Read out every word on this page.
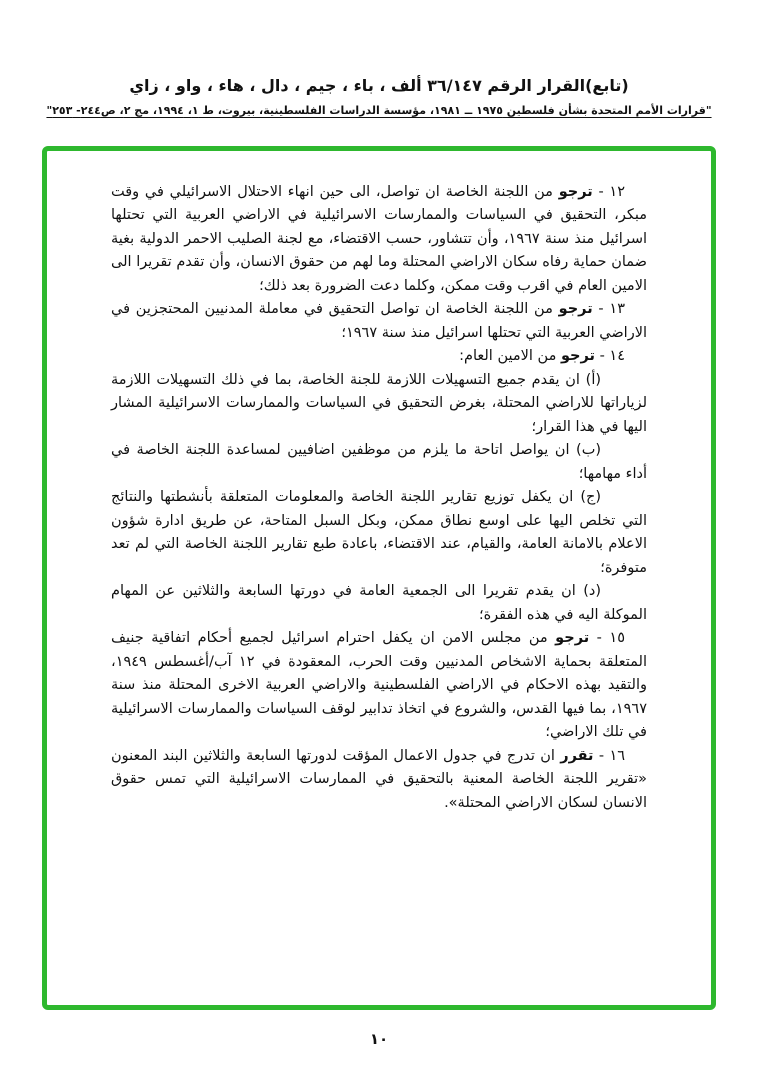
(تابع)القرار الرقم ٣٦/١٤٧ ألف ، باء ، جيم ، دال ، هاء ، واو ، زاي
"قرارات الأمم المتحدة بشأن فلسطين ١٩٧٥ ــ ١٩٨١، مؤسسة الدراسات الفلسطينية، بيروت، ط ١، ١٩٩٤، مج ٢، ص٢٤٤- ٢٥٣"

١٢ - ترجو من اللجنة الخاصة ان تواصل، الى حين انهاء الاحتلال الاسرائيلي في وقت مبكر، التحقيق في السياسات والممارسات الاسرائيلية في الاراضي العربية التي تحتلها اسرائيل منذ سنة ١٩٦٧، وأن تتشاور، حسب الاقتضاء، مع لجنة الصليب الاحمر الدولية بغية ضمان حماية رفاه سكان الاراضي المحتلة وما لهم من حقوق الانسان، وأن تقدم تقريرا الى الامين العام في اقرب وقت ممكن، وكلما دعت الضرورة بعد ذلك؛

١٣ - ترجو من اللجنة الخاصة ان تواصل التحقيق في معاملة المدنيين المحتجزين في الاراضي العربية التي تحتلها اسرائيل منذ سنة ١٩٦٧؛

١٤ - ترجو من الامين العام:

(أ) ان يقدم جميع التسهيلات اللازمة للجنة الخاصة، بما في ذلك التسهيلات اللازمة لزياراتها للاراضي المحتلة، بغرض التحقيق في السياسات والممارسات الاسرائيلية المشار اليها في هذا القرار؛

(ب) ان يواصل اتاحة ما يلزم من موظفين اضافيين لمساعدة اللجنة الخاصة في أداء مهامها؛

(ج) ان يكفل توزيع تقارير اللجنة الخاصة والمعلومات المتعلقة بأنشطتها والنتائج التي تخلص اليها على اوسع نطاق ممكن، وبكل السبل المتاحة، عن طريق ادارة شؤون الاعلام بالامانة العامة، والقيام، عند الاقتضاء، باعادة طبع تقارير اللجنة الخاصة التي لم تعد متوفرة؛

(د) ان يقدم تقريرا الى الجمعية العامة في دورتها السابعة والثلاثين عن المهام الموكلة اليه في هذه الفقرة؛

١٥ - ترجو من مجلس الامن ان يكفل احترام اسرائيل لجميع أحكام اتفاقية جنيف المتعلقة بحماية الاشخاص المدنيين وقت الحرب، المعقودة في ١٢ آب/أغسطس ١٩٤٩، والتقيد بهذه الاحكام في الاراضي الفلسطينية والاراضي العربية الاخرى المحتلة منذ سنة ١٩٦٧، بما فيها القدس، والشروع في اتخاذ تدابير لوقف السياسات والممارسات الاسرائيلية في تلك الاراضي؛

١٦ - تقرر ان تدرج في جدول الاعمال المؤقت لدورتها السابعة والثلاثين البند المعنون «تقرير اللجنة الخاصة المعنية بالتحقيق في الممارسات الاسرائيلية التي تمس حقوق الانسان لسكان الاراضي المحتلة».

١٠
